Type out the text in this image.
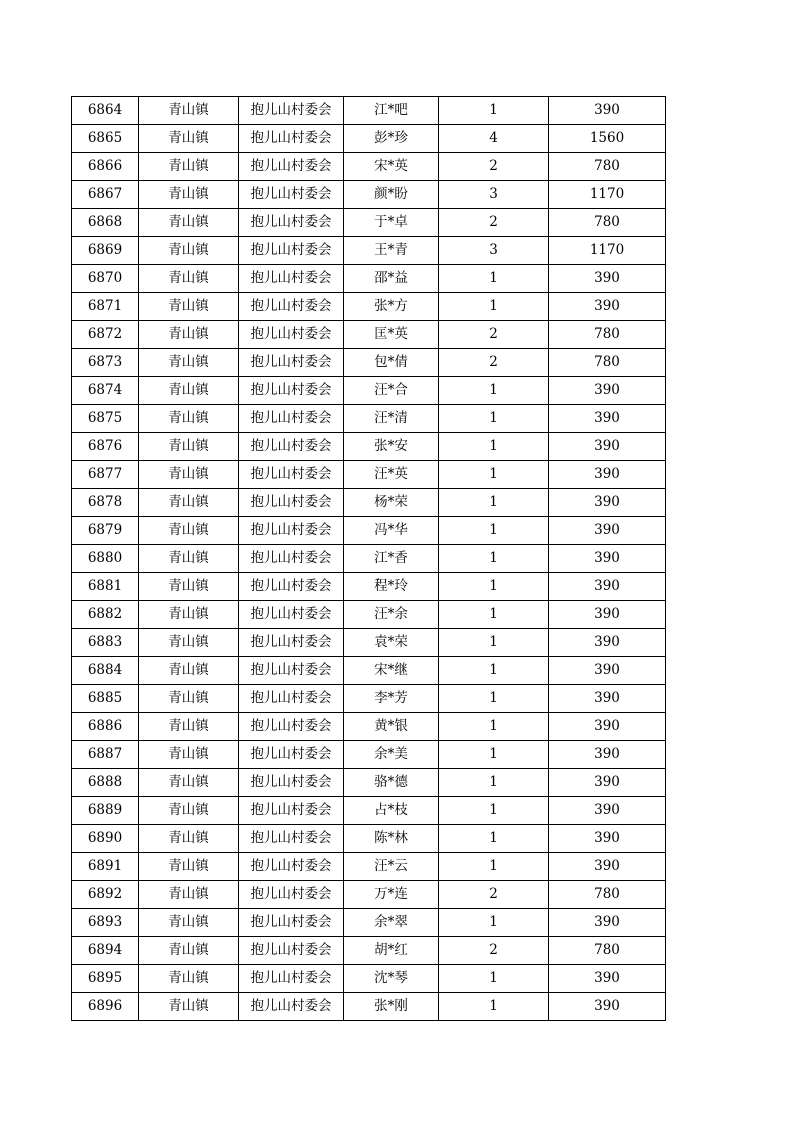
6864	青山镇	抱儿山村委会	江*吧	1	390
6865	青山镇	抱儿山村委会	彭*珍	4	1560
6866	青山镇	抱儿山村委会	宋*英	2	780
6867	青山镇	抱儿山村委会	颜*盼	3	1170
6868	青山镇	抱儿山村委会	于*卓	2	780
6869	青山镇	抱儿山村委会	王*青	3	1170
6870	青山镇	抱儿山村委会	邵*益	1	390
6871	青山镇	抱儿山村委会	张*方	1	390
6872	青山镇	抱儿山村委会	匡*英	2	780
6873	青山镇	抱儿山村委会	包*倩	2	780
6874	青山镇	抱儿山村委会	汪*合	1	390
6875	青山镇	抱儿山村委会	汪*清	1	390
6876	青山镇	抱儿山村委会	张*安	1	390
6877	青山镇	抱儿山村委会	汪*英	1	390
6878	青山镇	抱儿山村委会	杨*荣	1	390
6879	青山镇	抱儿山村委会	冯*华	1	390
6880	青山镇	抱儿山村委会	江*香	1	390
6881	青山镇	抱儿山村委会	程*玲	1	390
6882	青山镇	抱儿山村委会	汪*余	1	390
6883	青山镇	抱儿山村委会	袁*荣	1	390
6884	青山镇	抱儿山村委会	宋*继	1	390
6885	青山镇	抱儿山村委会	李*芳	1	390
6886	青山镇	抱儿山村委会	黄*银	1	390
6887	青山镇	抱儿山村委会	余*美	1	390
6888	青山镇	抱儿山村委会	骆*德	1	390
6889	青山镇	抱儿山村委会	占*枝	1	390
6890	青山镇	抱儿山村委会	陈*林	1	390
6891	青山镇	抱儿山村委会	汪*云	1	390
6892	青山镇	抱儿山村委会	万*连	2	780
6893	青山镇	抱儿山村委会	余*翠	1	390
6894	青山镇	抱儿山村委会	胡*红	2	780
6895	青山镇	抱儿山村委会	沈*琴	1	390
6896	青山镇	抱儿山村委会	张*刚	1	390
